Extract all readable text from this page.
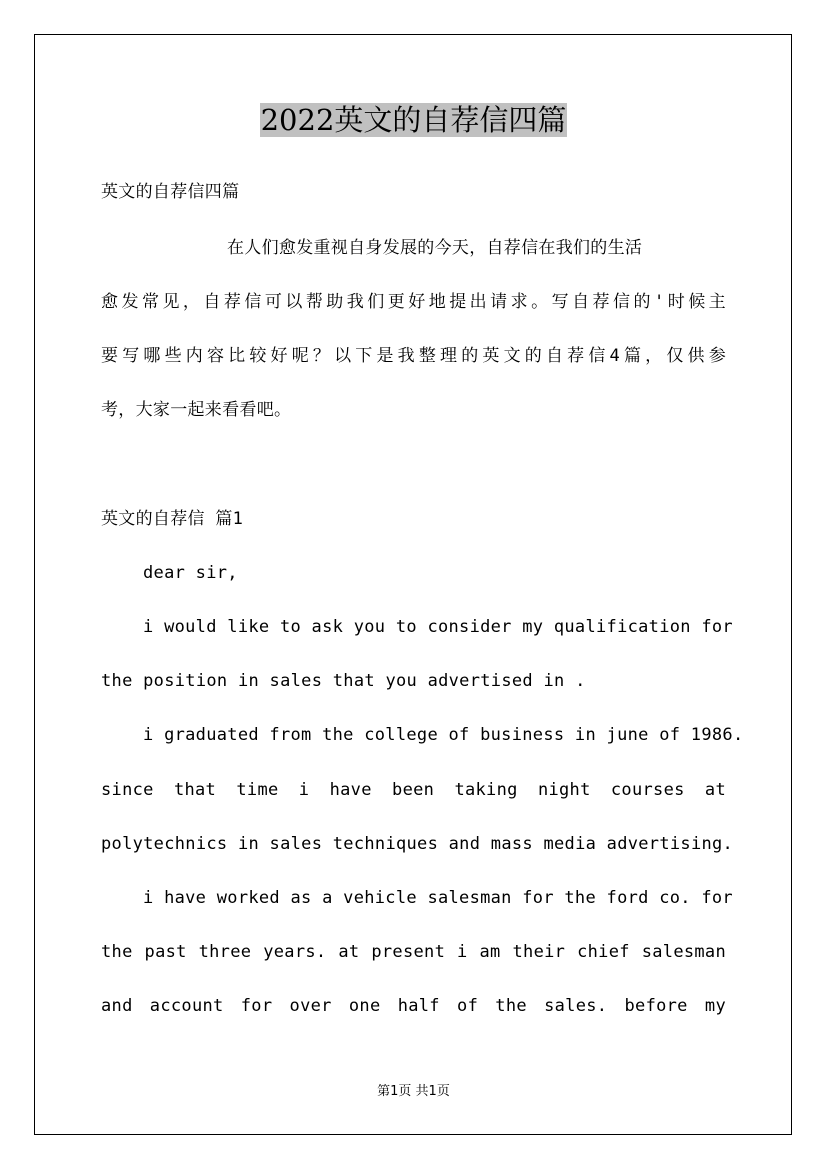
2022英文的自荐信四篇
英文的自荐信四篇
在人们愈发重视自身发展的今天，自荐信在我们的生活
愈发常见，自荐信可以帮助我们更好地提出请求。写自荐信的'时候主
要写哪些内容比较好呢？以下是我整理的英文的自荐信4篇，仅供参
考，大家一起来看看吧。
英文的自荐信 篇1
dear sir,
i would like to ask you to consider my qualification for
the position in sales that you advertised in .
i graduated from the college of business in june of 1986.
since that time i have been taking night courses at
polytechnics in sales techniques and mass media advertising.
i have worked as a vehicle salesman for the ford co. for
the past three years. at present i am their chief salesman
and account for over one half of the sales. before my
第1页 共1页
